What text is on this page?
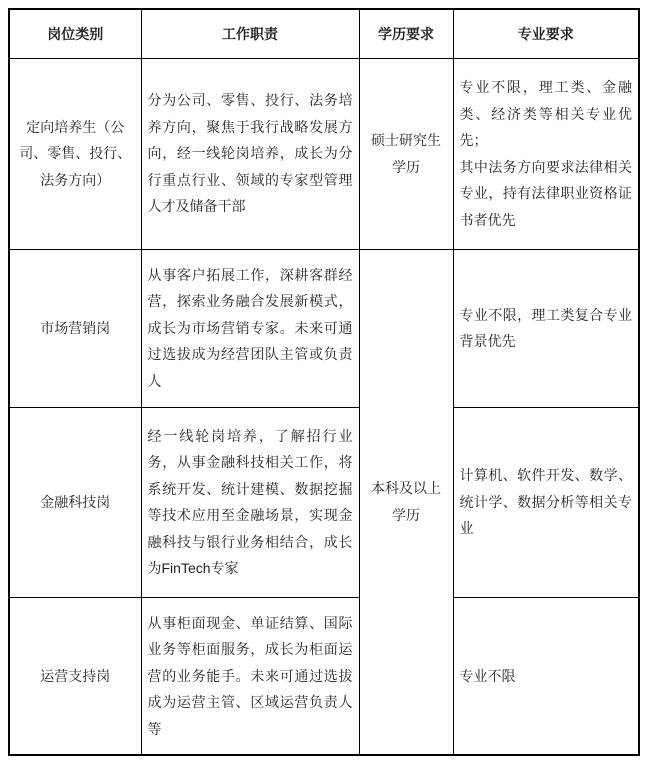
岗位类别	工作职责	学历要求	专业要求
定向培养生（公司、零售、投行、法务方向）	分为公司、零售、投行、法务培养方向，聚焦于我行战略发展方向，经一线轮岗培养，成长为分行重点行业、领域的专家型管理人才及储备干部	硕士研究生学历	专业不限，理工类、金融类、经济类等相关专业优先；
其中法务方向要求法律相关专业，持有法律职业资格证书者优先

市场营销岗	从事客户拓展工作，深耕客群经营，探索业务融合发展新模式，成长为市场营销专家。未来可通过选拔成为经营团队主管或负责人	本科及以上学历	专业不限，理工类复合专业背景优先
金融科技岗	经一线轮岗培养，了解招行业务，从事金融科技相关工作，将系统开发、统计建模、数据挖掘等技术应用至金融场景，实现金融科技与银行业务相结合，成长为FinTech专家		计算机、软件开发、数学、统计学、数据分析等相关专业
运营支持岗	从事柜面现金、单证结算、国际业务等柜面服务，成长为柜面运营的业务能手。未来可通过选拔成为运营主管、区域运营负责人等		专业不限
